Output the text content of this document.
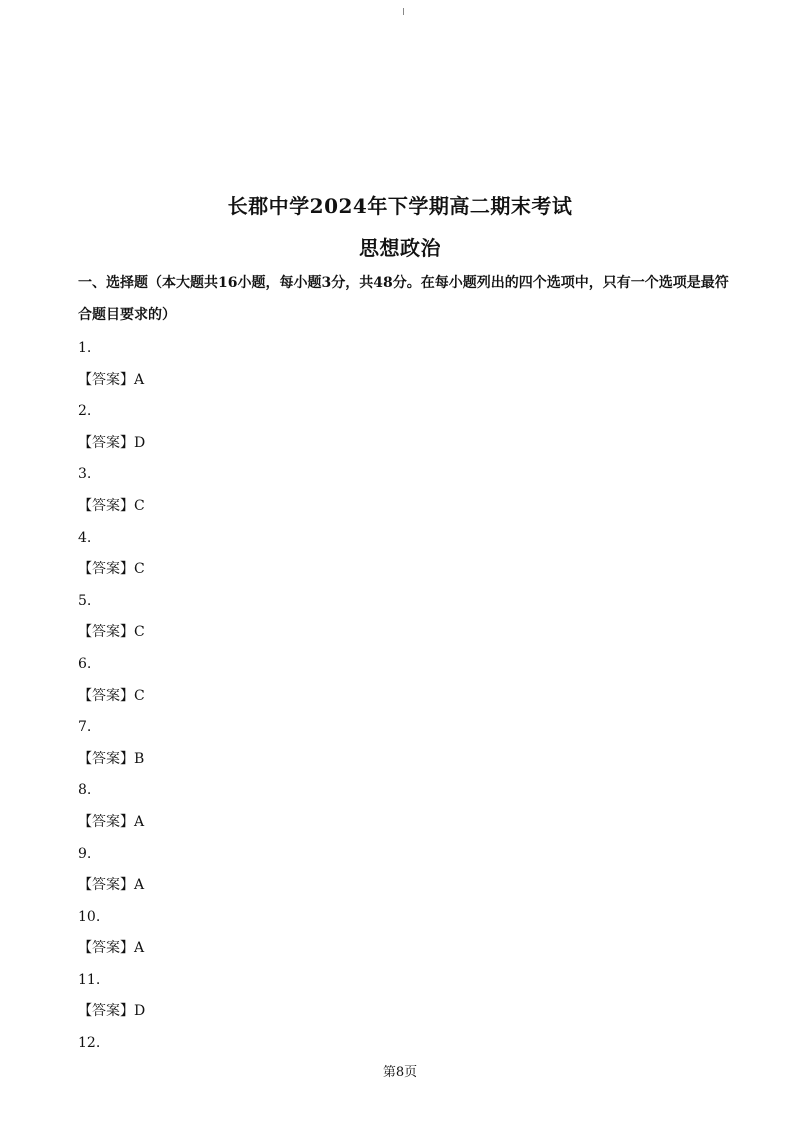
长郡中学2024年下学期高二期末考试
思想政治
一、选择题（本大题共16小题，每小题3分，共48分。在每小题列出的四个选项中，只有一个选项是最符合题目要求的）
1.
【答案】A
2.
【答案】D
3.
【答案】C
4.
【答案】C
5.
【答案】C
6.
【答案】C
7.
【答案】B
8.
【答案】A
9.
【答案】A
10.
【答案】A
11.
【答案】D
12.
第8页
